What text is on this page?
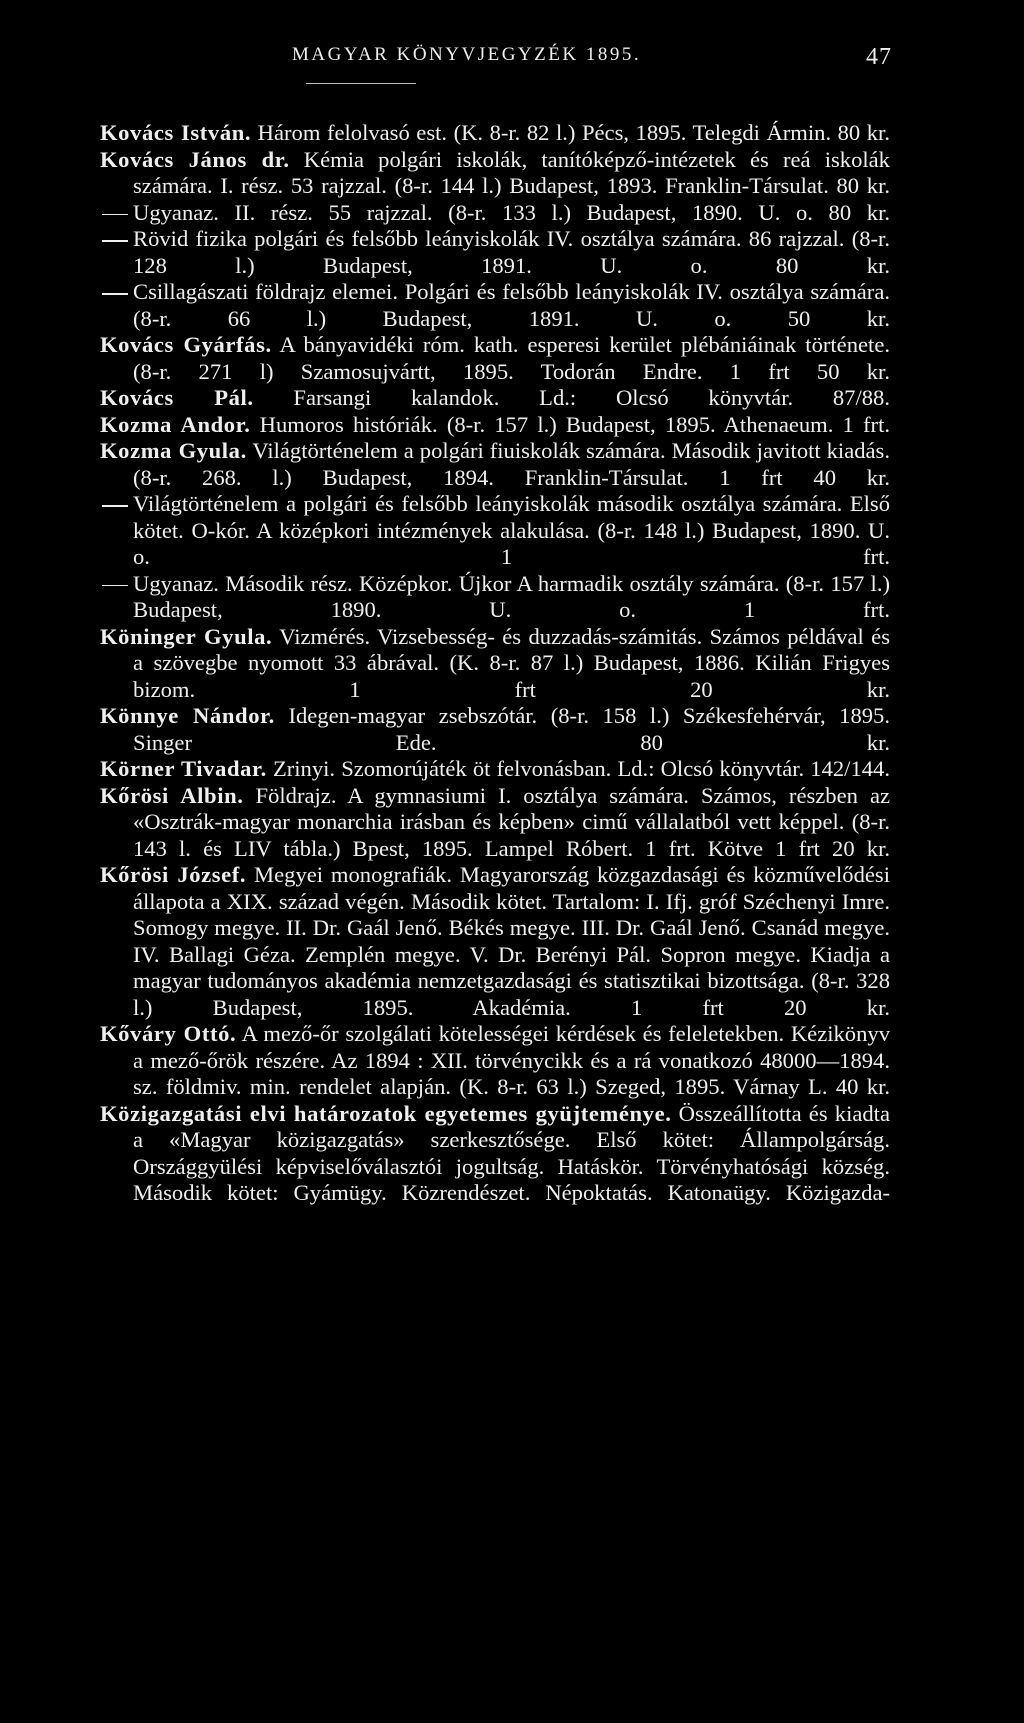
MAGYAR KÖNYVJEGYZÉK 1895.	47
Kovács István. Három felolvasó est. (K. 8-r. 82 l.) Pécs, 1895. Telegdi Ármin. 80 kr.
Kovács János dr. Kémia polgári iskolák, tanítóképző-intézetek és reá iskolák számára. I. rész. 53 rajzzal. (8-r. 144 l.) Budapest, 1893. Franklin-Társulat. 80 kr.
Ugyanaz. II. rész. 55 rajzzal. (8-r. 133 l.) Budapest, 1890. U. o. 80 kr.
Rövid fizika polgári és felsőbb leányiskolák IV. osztálya számára. 86 rajzzal. (8-r. 128 l.) Budapest, 1891. U. o. 80 kr.
Csillagászati földrajz elemei. Polgári és felsőbb leányiskolák IV. osztálya számára. (8-r. 66 l.) Budapest, 1891. U. o. 50 kr.
Kovács Gyárfás. A bányavidéki róm. kath. esperesi kerület plébániáinak története. (8-r. 271 l) Szamosujvártt, 1895. Todorán Endre. 1 frt 50 kr.
Kovács Pál. Farsangi kalandok. Ld.: Olcsó könyvtár. 87/88.
Kozma Andor. Humoros históriák. (8-r. 157 l.) Budapest, 1895. Athenaeum. 1 frt.
Kozma Gyula. Világtörténelem a polgári fiuiskolák számára. Második javitott kiadás. (8-r. 268. l.) Budapest, 1894. Franklin-Társulat. 1 frt 40 kr.
Világtörténelem a polgári és felsőbb leányiskolák második osztálya számára. Első kötet. O-kór. A középkori intézmények alakulása. (8-r. 148 l.) Budapest, 1890. U. o. 1 frt.
Ugyanaz. Második rész. Középkor. Újkor A harmadik osztály számára. (8-r. 157 l.) Budapest, 1890. U. o. 1 frt.
Köninger Gyula. Vizmérés. Vizsebesség- és duzzadás-számitás. Számos példával és a szövegbe nyomott 33 ábrával. (K. 8-r. 87 l.) Budapest, 1886. Kilián Frigyes bizom. 1 frt 20 kr.
Könnye Nándor. Idegen-magyar zsebszótár. (8-r. 158 l.) Székesfehérvár, 1895. Singer Ede. 80 kr.
Körner Tivadar. Zrinyi. Szomorújáték öt felvonásban. Ld.: Olcsó könyvtár. 142/144.
Kőrösi Albin. Földrajz. A gymnasiumi I. osztálya számára. Számos, részben az «Osztrák-magyar monarchia irásban és képben» cimű vállalatból vett képpel. (8-r. 143 l. és LIV tábla.) Bpest, 1895. Lampel Róbert. 1 frt. Kötve 1 frt 20 kr.
Kőrösi József. Megyei monografiák. Magyarország közgazdasági és közművelődési állapota a XIX. század végén. Második kötet. Tartalom: I. Ifj. gróf Széchenyi Imre. Somogy megye. II. Dr. Gaál Jenő. Békés megye. III. Dr. Gaál Jenő. Csanád megye. IV. Ballagi Géza. Zemplén megye. V. Dr. Berényi Pál. Sopron megye. Kiadja a magyar tudományos akadémia nemzetgazdasági és statisztikai bizottsága. (8-r. 328 l.) Budapest, 1895. Akadémia. 1 frt 20 kr.
Kőváry Ottó. A mező-őr szolgálati kötelességei kérdések és feleletekben. Kézikönyv a mező-őrök részére. Az 1894 : XII. törvénycikk és a rá vonatkozó 48000—1894. sz. földmiv. min. rendelet alapján. (K. 8-r. 63 l.) Szeged, 1895. Várnay L. 40 kr.
Közigazgatási elvi határozatok egyetemes gyüjteménye. Összeállította és kiadta a «Magyar közigazgatás» szerkesztősége. Első kötet: Állampolgárság. Országgyülési képviselőválasztói jogultság. Hatáskör. Törvényhatósági község. Második kötet: Gyámügy. Közrendészet. Népoktatás. Katonaügy. Közigazda-
